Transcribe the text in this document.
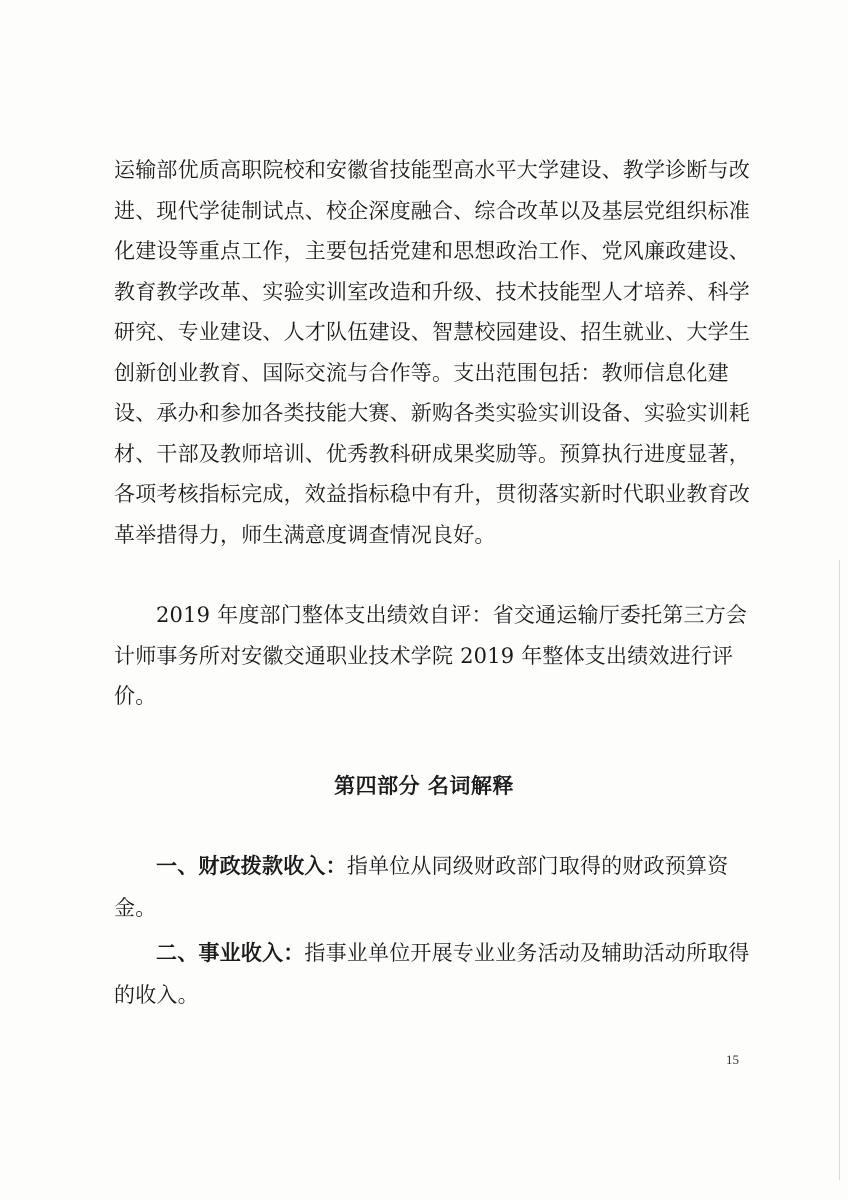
运输部优质高职院校和安徽省技能型高水平大学建设、教学诊断与改进、现代学徒制试点、校企深度融合、综合改革以及基层党组织标准化建设等重点工作，主要包括党建和思想政治工作、党风廉政建设、教育教学改革、实验实训室改造和升级、技术技能型人才培养、科学研究、专业建设、人才队伍建设、智慧校园建设、招生就业、大学生创新创业教育、国际交流与合作等。支出范围包括：教师信息化建设、承办和参加各类技能大赛、新购各类实验实训设备、实验实训耗材、干部及教师培训、优秀教科研成果奖励等。预算执行进度显著，各项考核指标完成，效益指标稳中有升，贯彻落实新时代职业教育改革举措得力，师生满意度调查情况良好。

2019 年度部门整体支出绩效自评：省交通运输厅委托第三方会计师事务所对安徽交通职业技术学院 2019 年整体支出绩效进行评价。

第四部分 名词解释

一、财政拨款收入：指单位从同级财政部门取得的财政预算资金。

二、事业收入：指事业单位开展专业业务活动及辅助活动所取得的收入。

15
